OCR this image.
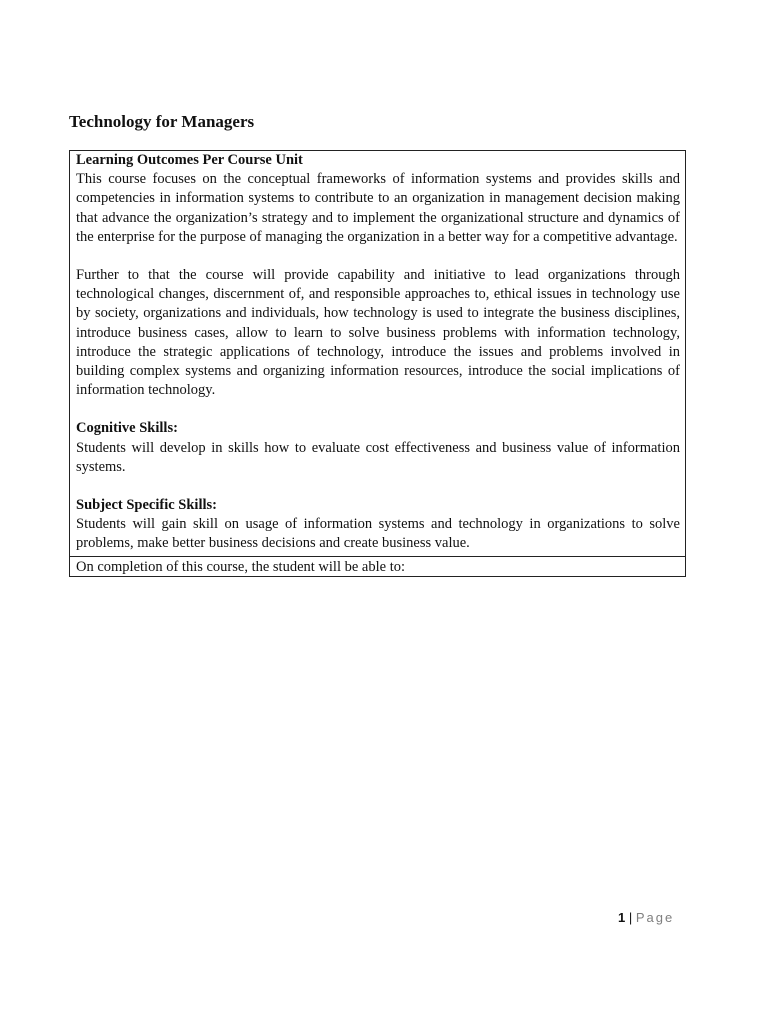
Technology for Managers

Learning Outcomes Per Course Unit

This course focuses on the conceptual frameworks of information systems and provides skills and competencies in information systems to contribute to an organization in management decision making that advance the organization’s strategy and to implement the organizational structure and dynamics of the enterprise for the purpose of managing the organization in a better way for a competitive advantage.

Further to that the course will provide capability and initiative to lead organizations through technological changes, discernment of, and responsible approaches to, ethical issues in technology use by society, organizations and individuals, how technology is used to integrate the business disciplines, introduce business cases, allow to learn to solve business problems with information technology, introduce the strategic applications of technology, introduce the issues and problems involved in building complex systems and organizing information resources, introduce the social implications of information technology.

Cognitive Skills:

Students will develop in skills how to evaluate cost effectiveness and business value of information systems.

Subject Specific Skills:

Students will gain skill on usage of information systems and technology in organizations to solve problems, make better business decisions and create business value.

On completion of this course, the student will be able to:
1 | Page
